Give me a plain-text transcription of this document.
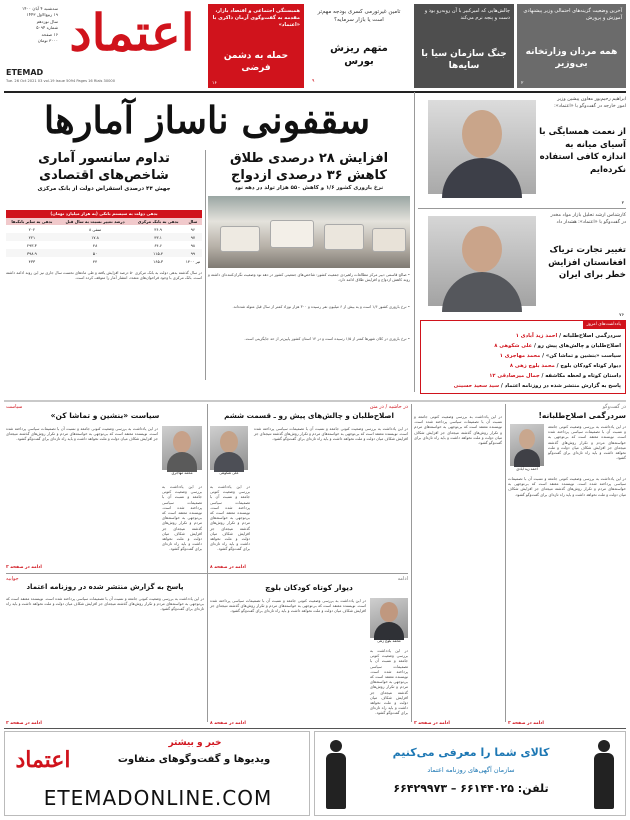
سه‌شنبه ۴ آبان ۱۴۰۰
۱۹ ربیع‌الاول ۱۴۴۳
سال نوزدهم
شماره ۵۰۹۴
۱۶ صفحه
۳۰۰۰ تومان اعتماد
ETEMAD
Tue. 26 Oct 2021 03 vol.19 Issue 5094 Pages 16 Rials 30000
همبستگی اجتماعی و اقتصاد بازار، مقدمه به گفت‌وگوی آرمان ذاکری با «اعتماد»
حمله به دشمن فرضی
۱۶
تامین غیرتورمی کسری بودجه مهم‌تر است یا بازار سرمایه؟
متهم ریزش بورس
۹
چالش‌هایی که امیرکبیر با آن روبه‌رو بود و دست و پنجه نرم می‌کند
جنگ سازمان سیا با سایه‌ها
آخرین وضعیت گزینه‌های احتمالی وزیر پیشنهادی آموزش و پرورش
همه مردان وزارتخانه بی‌وزیر
۲
سقفونی ناساز آمارها
افزایش ۲۸ درصدی طلاق
کاهش ۳۶ درصدی ازدواج
نرخ باروری کشور ۱/۶ و کاهش ۵۵۰ هزار تولد در دهه نود
• صالح قاسمی دبیر مرکز مطالعات راهبردی جمعیت کشور: شاخص‌های جمعیتی کشور در دهه نود وضعیت نگران‌کننده‌ای داشته و روند کاهش ازدواج و افزایش طلاق ادامه دارد.
• نرخ باروری کشور ۱/۶ است و به بیش از ۶ میلیون نفر رسیده و ۳۰۰ هزار نوزاد کمتر از سال قبل متولد شده‌اند.
• نرخ باروری در کلان شهرها کمتر از ۱/۵ رسیده است و در ۱۴ استان کشور پایین‌تر از حد جایگزینی است.
تداوم سانسور آماری
شاخص‌های اقتصادی
جهش ۴۴ درصدی استقراض دولت از بانک مرکزی
بدهی دولت به سیستم بانکی (به هزار میلیارد تومان)
سال	بدهی به بانک مرکزی	درصد تغییر نسبت به سال قبل	بدهی به سایر بانک‌ها
۹۶	۳۶.۹	منفی ۸	۲۰۲
۹۷	۴۳.۱	۱۷.۸	۲۲۱
۹۸	۶۴.۶	۴۸	۲۹۳.۳
۹۹	۱۱۵.۴	۵۰	۳۹۸.۹
تیر ۱۴۰۰	۱۶۵.۳	۴۴	۴۳۳
در سال گذشته بدهی دولت به بانک مرکزی ۵۰ درصد افزایش یافته و طی ماه‌های نخست سال جاری نیز این روند ادامه داشته است. بانک مرکزی با وجود فراخوان‌های متعدد، انتشار آمار را متوقف کرده است.
ابراهیم رحیم‌پور معاون پیشین وزیر امور خارجه در گفت‌وگو با «اعتماد»:
از نعمت همسایگی با آسیای میانه به اندازه کافی استفاده نکرده‌ایم
۲
کارشناس ارشد تحلیل بازار مواد مخدر در گفت‌وگو با «اعتماد»: هشدار داد
تغییر تجارت تریاک افغانستان افزایش خطر برای ایران
۷۶
یادداشت‌های امروز
سردرگمی اصلاح‌طلبانه / احمد زید آبادی ۱
اصلاح‌طلبان و چالش‌های پیش رو / علی شکوهی ۸
سیاست «بنشین و تماشا کن» / محمد مهاجری ۱
دیوار کوتاه کودکان بلوچ / محمد بلوچ زهی ۸
داستان کوتاه و لحظه مکاشفه / جمال میرصادقی ۱۲
پاسخ به گزارش منتشر شده در روزنامه اعتماد / سید سعید حسینی
در گفت‌وگو
سردرگمی اصلاح‌طلبانه!
احمد زید آبادی
در این یادداشت به بررسی وضعیت کنونی جامعه و نسبت آن با تصمیمات سیاسی پرداخته شده است. نویسنده معتقد است که بی‌توجهی به خواسته‌های مردم و تکرار روش‌های گذشته نتیجه‌ای جز افزایش شکاف میان دولت و ملت نخواهد داشت و باید راه تازه‌ای برای گفت‌وگو گشود.
در این یادداشت به بررسی وضعیت کنونی جامعه و نسبت آن با تصمیمات سیاسی پرداخته شده است. نویسنده معتقد است که بی‌توجهی به خواسته‌های مردم و تکرار روش‌های گذشته نتیجه‌ای جز افزایش شکاف میان دولت و ملت نخواهد داشت و باید راه تازه‌ای برای گفت‌وگو گشود.
ادامه در صفحه ۲
در این یادداشت به بررسی وضعیت کنونی جامعه و نسبت آن با تصمیمات سیاسی پرداخته شده است. نویسنده معتقد است که بی‌توجهی به خواسته‌های مردم و تکرار روش‌های گذشته نتیجه‌ای جز افزایش شکاف میان دولت و ملت نخواهد داشت و باید راه تازه‌ای برای گفت‌وگو گشود.
ادامه در صفحه ۲
در حاشیه / در متن
اصلاح‌طلبان و چالش‌های پیش رو ـ قسمت ششم
علی شکوهی
در این یادداشت به بررسی وضعیت کنونی جامعه و نسبت آن با تصمیمات سیاسی پرداخته شده است. نویسنده معتقد است که بی‌توجهی به خواسته‌های مردم و تکرار روش‌های گذشته نتیجه‌ای جز افزایش شکاف میان دولت و ملت نخواهد داشت و باید راه تازه‌ای برای گفت‌وگو گشود.
در این یادداشت به بررسی وضعیت کنونی جامعه و نسبت آن با تصمیمات سیاسی پرداخته شده است. نویسنده معتقد است که بی‌توجهی به خواسته‌های مردم و تکرار روش‌های گذشته نتیجه‌ای جز افزایش شکاف میان دولت و ملت نخواهد داشت و باید راه تازه‌ای برای گفت‌وگو گشود.
ادامه در صفحه ۸
سیاست
سیاست «بنشین و تماشا کن»
محمد مهاجری
در این یادداشت به بررسی وضعیت کنونی جامعه و نسبت آن با تصمیمات سیاسی پرداخته شده است. نویسنده معتقد است که بی‌توجهی به خواسته‌های مردم و تکرار روش‌های گذشته نتیجه‌ای جز افزایش شکاف میان دولت و ملت نخواهد داشت و باید راه تازه‌ای برای گفت‌وگو گشود.
در این یادداشت به بررسی وضعیت کنونی جامعه و نسبت آن با تصمیمات سیاسی پرداخته شده است. نویسنده معتقد است که بی‌توجهی به خواسته‌های مردم و تکرار روش‌های گذشته نتیجه‌ای جز افزایش شکاف میان دولت و ملت نخواهد داشت و باید راه تازه‌ای برای گفت‌وگو گشود.
ادامه در صفحه ۲
جوابیه
پاسخ به گزارش منتشر شده در روزنامه اعتماد
در این یادداشت به بررسی وضعیت کنونی جامعه و نسبت آن با تصمیمات سیاسی پرداخته شده است. نویسنده معتقد است که بی‌توجهی به خواسته‌های مردم و تکرار روش‌های گذشته نتیجه‌ای جز افزایش شکاف میان دولت و ملت نخواهد داشت و باید راه تازه‌ای برای گفت‌وگو گشود.
ادامه در صفحه ۲
ادامه
دیوار کوتاه کودکان بلوچ
محمد بلوچ زهی
در این یادداشت به بررسی وضعیت کنونی جامعه و نسبت آن با تصمیمات سیاسی پرداخته شده است. نویسنده معتقد است که بی‌توجهی به خواسته‌های مردم و تکرار روش‌های گذشته نتیجه‌ای جز افزایش شکاف میان دولت و ملت نخواهد داشت و باید راه تازه‌ای برای گفت‌وگو گشود.
در این یادداشت به بررسی وضعیت کنونی جامعه و نسبت آن با تصمیمات سیاسی پرداخته شده است. نویسنده معتقد است که بی‌توجهی به خواسته‌های مردم و تکرار روش‌های گذشته نتیجه‌ای جز افزایش شکاف میان دولت و ملت نخواهد داشت و باید راه تازه‌ای برای گفت‌وگو گشود.
ادامه در صفحه ۸
اعتماد
خبر و بیشتر
ویدیوها و گفت‌وگوهای متفاوت
ETEMADONLINE.COM
کالای شما را معرفی می‌کنیم
سازمان آگهی‌های روزنامه اعتماد
تلفن: ۶۶۱۴۴۰۲۵ – ۶۶۴۲۹۹۷۳
